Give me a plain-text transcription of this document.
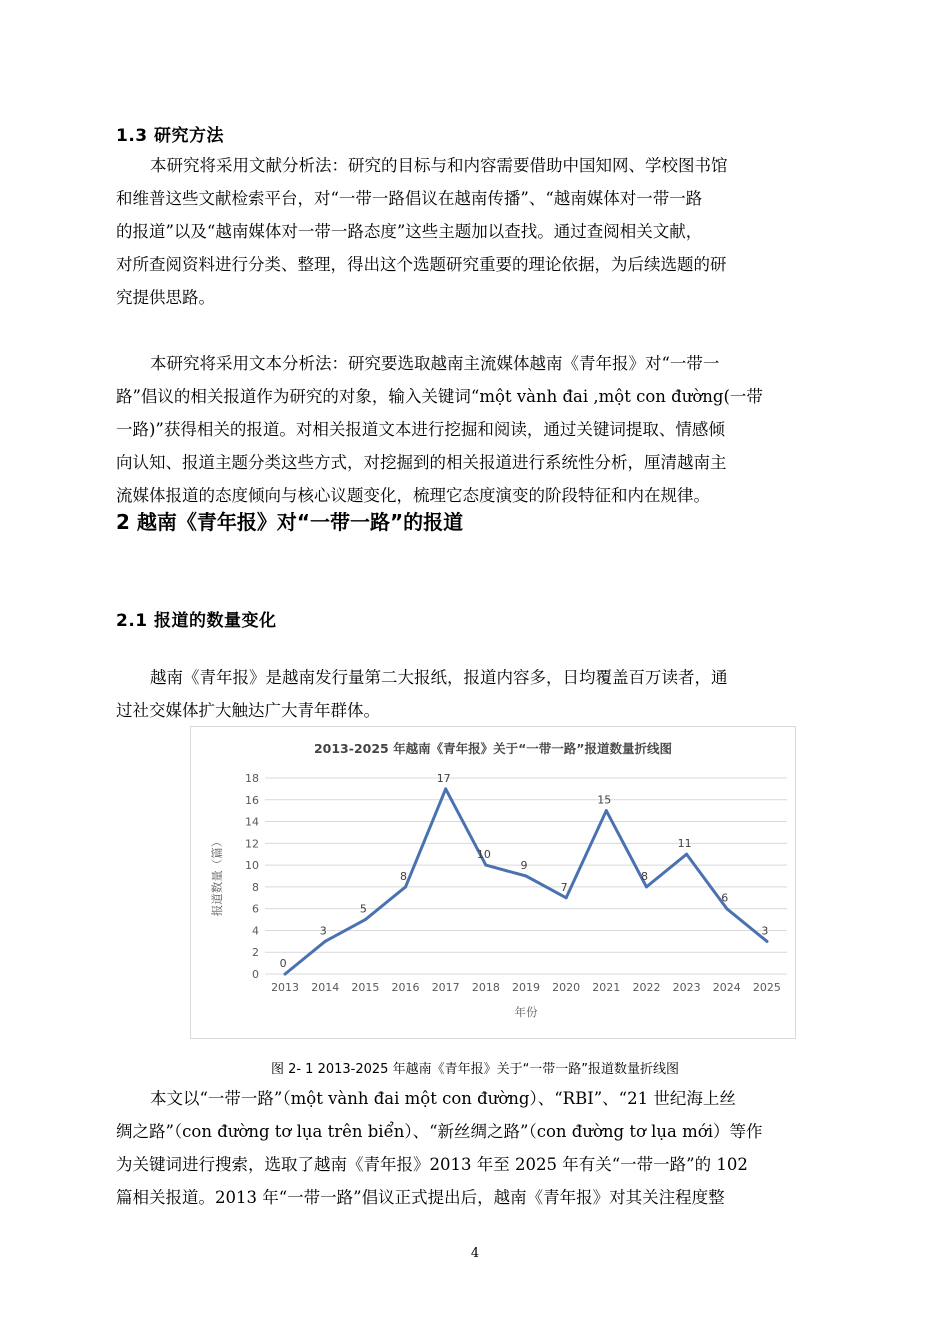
1.3 研究方法
本研究将采用文献分析法：研究的目标与和内容需要借助中国知网、学校图书馆
和维普这些文献检索平台，对“一带一路倡议在越南传播”、“越南媒体对一带一路
的报道”以及“越南媒体对一带一路态度”这些主题加以查找。通过查阅相关文献，
对所查阅资料进行分类、整理，得出这个选题研究重要的理论依据，为后续选题的研
究提供思路。
本研究将采用文本分析法：研究要选取越南主流媒体越南《青年报》对“一带一
路”倡议的相关报道作为研究的对象，输入关键词“một vành đai ,một con đường(一带
一路)”获得相关的报道。对相关报道文本进行挖掘和阅读，通过关键词提取、情感倾
向认知、报道主题分类这些方式，对挖掘到的相关报道进行系统性分析，厘清越南主
流媒体报道的态度倾向与核心议题变化，梳理它态度演变的阶段特征和内在规律。
2 越南《青年报》对“一带一路”的报道
2.1 报道的数量变化
越南《青年报》是越南发行量第二大报纸，报道内容多，日均覆盖百万读者，通
过社交媒体扩大触达广大青年群体。
2013-2025 年越南《青年报》关于“一带一路”报道数量折线图
0
2
4
6
8
10
12
14
16
18
2013 2014 2015 2016 2017 2018 2019 2020 2021 2022 2023 2024 2025
年份
报道数量（篇）
0
3
5
8
17
10
9
7
15
8
11
6
3
图 2- 1 2013-2025 年越南《青年报》关于“一带一路”报道数量折线图
本文以“一带一路”（một vành đai một con đường）、“RBI”、“21 世纪海上丝
绸之路”（con đường tơ lụa trên biển）、“新丝绸之路”（con đường tơ lụa mới）等作
为关键词进行搜索，选取了越南《青年报》2013 年至 2025 年有关“一带一路”的 102
篇相关报道。2013 年“一带一路”倡议正式提出后，越南《青年报》对其关注程度整
4
